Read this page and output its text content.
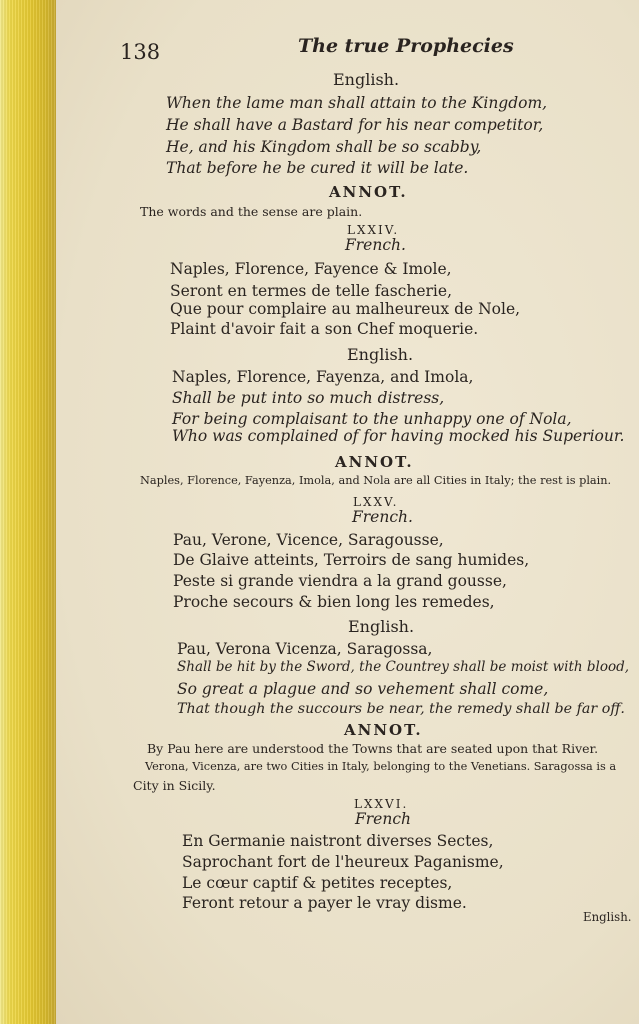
138	The true Prophecies
English.
When the lame man shall attain to the Kingdom,
He shall have a Bastard for his near competitor,
He, and his Kingdom shall be so scabby,
That before he be cured it will be late.
ANNOT.
The words and the sense are plain.
LXXIV.
French.
Naples, Florence, Fayence & Imole,
Seront en termes de telle fascherie,
Que pour complaire au malheureux de Nole,
Plaint d'avoir fait a son Chef moquerie.
English.
Naples, Florence, Fayenza, and Imola,
Shall be put into so much distress,
For being complaisant to the unhappy one of Nola,
Who was complained of for having mocked his Superiour.
ANNOT.
Naples, Florence, Fayenza, Imola, and Nola are all Cities in Italy; the rest is plain.
LXXV.
French.
Pau, Verone, Vicence, Saragousse,
De Glaive atteints, Terroirs de sang humides,
Peste si grande viendra a la grand gousse,
Proche secours & bien long les remedes,
English.
Pau, Verona Vicenza, Saragossa,
Shall be hit by the Sword, the Countrey shall be moist with blood,
So great a plague and so vehement shall come,
That though the succours be near, the remedy shall be far off.
ANNOT.
By Pau here are understood the Towns that are seated upon that River.
Verona, Vicenza, are two Cities in Italy, belonging to the Venetians. Saragossa is a
City in Sicily.
LXXVI.
French
En Germanie naistront diverses Sectes,
Saprochant fort de l'heureux Paganisme,
Le cœur captif & petites receptes,
Feront retour a payer le vray disme.
English.
